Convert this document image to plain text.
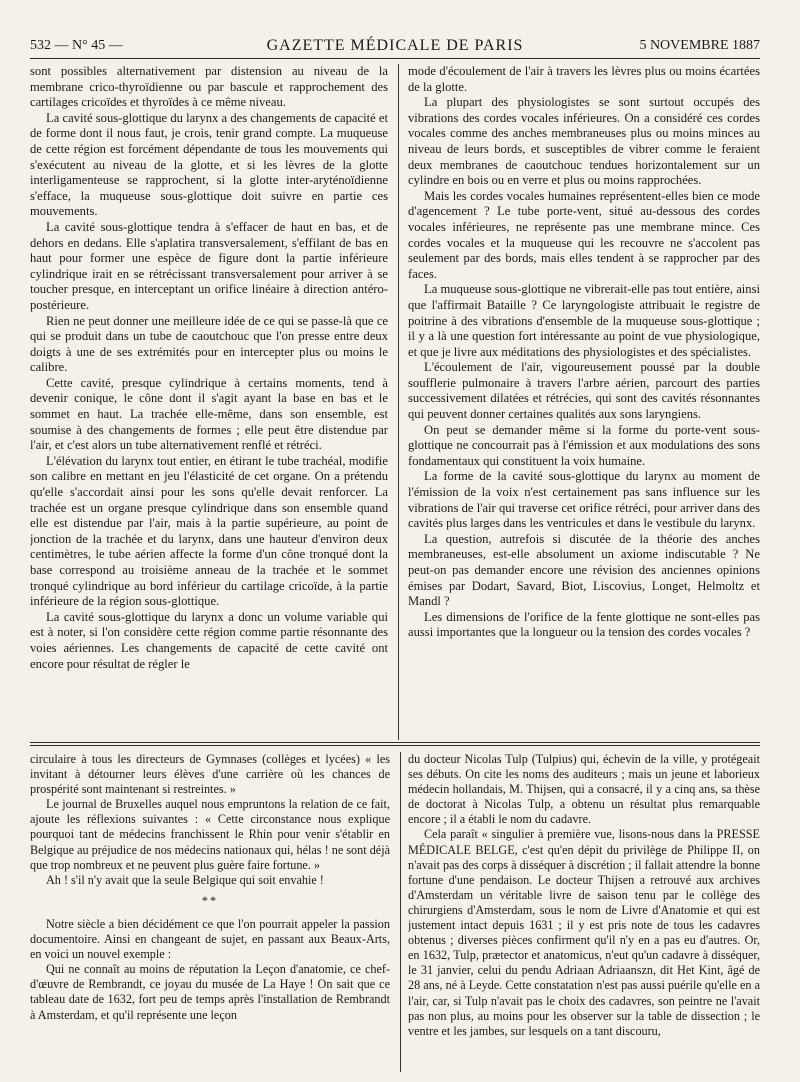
532 — N° 45 —	GAZETTE MÉDICALE DE PARIS	5 NOVEMBRE 1887

sont possibles alternativement par distension au niveau de la membrane crico-thyroïdienne ou par bascule et rapprochement des cartilages cricoïdes et thyroïdes à ce même niveau.

La cavité sous-glottique du larynx a des changements de capacité et de forme dont il nous faut, je crois, tenir grand compte. La muqueuse de cette région est forcément dépendante de tous les mouvements qui s'exécutent au niveau de la glotte, et si les lèvres de la glotte interligamenteuse se rapprochent, si la glotte inter-aryténoïdienne s'efface, la muqueuse sous-glottique doit suivre en partie ces mouvements.

La cavité sous-glottique tendra à s'effacer de haut en bas, et de dehors en dedans. Elle s'aplatira transversalement, s'effilant de bas en haut pour former une espèce de figure dont la partie inférieure cylindrique irait en se rétrécissant transversalement pour arriver à se toucher presque, en interceptant un orifice linéaire à direction antéro-postérieure.

Rien ne peut donner une meilleure idée de ce qui se passe-là que ce qui se produit dans un tube de caoutchouc que l'on presse entre deux doigts à une de ses extrémités pour en intercepter plus ou moins le calibre.

Cette cavité, presque cylindrique à certains moments, tend à devenir conique, le cône dont il s'agit ayant la base en bas et le sommet en haut. La trachée elle-même, dans son ensemble, est soumise à des changements de formes ; elle peut être distendue par l'air, et c'est alors un tube alternativement renflé et rétréci.

L'élévation du larynx tout entier, en étirant le tube trachéal, modifie son calibre en mettant en jeu l'élasticité de cet organe. On a prétendu qu'elle s'accordait ainsi pour les sons qu'elle devait renforcer. La trachée est un organe presque cylindrique dans son ensemble quand elle est distendue par l'air, mais à la partie supérieure, au point de jonction de la trachée et du larynx, dans une hauteur d'environ deux centimètres, le tube aérien affecte la forme d'un cône tronqué dont la base correspond au troisième anneau de la trachée et le sommet tronqué cylindrique au bord inférieur du cartilage cricoïde, à la partie inférieure de la région sous-glottique.

La cavité sous-glottique du larynx a donc un volume variable qui est à noter, si l'on considère cette région comme partie résonnante des voies aériennes. Les changements de capacité de cette cavité ont encore pour résultat de régler le

mode d'écoulement de l'air à travers les lèvres plus ou moins écartées de la glotte.

La plupart des physiologistes se sont surtout occupés des vibrations des cordes vocales inférieures. On a considéré ces cordes vocales comme des anches membraneuses plus ou moins minces au niveau de leurs bords, et susceptibles de vibrer comme le feraient deux membranes de caoutchouc tendues horizontalement sur un cylindre en bois ou en verre et plus ou moins rapprochées.

Mais les cordes vocales humaines représentent-elles bien ce mode d'agencement ? Le tube porte-vent, situé au-dessous des cordes vocales inférieures, ne représente pas une membrane mince. Ces cordes vocales et la muqueuse qui les recouvre ne s'accolent pas seulement par des bords, mais elles tendent à se rapprocher par des faces.

La muqueuse sous-glottique ne vibrerait-elle pas tout entière, ainsi que l'affirmait Bataille ? Ce laryngologiste attribuait le registre de poitrine à des vibrations d'ensemble de la muqueuse sous-glottique ; il y a là une question fort intéressante au point de vue physiologique, et que je livre aux méditations des physiologistes et des spécialistes.

L'écoulement de l'air, vigoureusement poussé par la double soufflerie pulmonaire à travers l'arbre aérien, parcourt des parties successivement dilatées et rétrécies, qui sont des cavités résonnantes qui peuvent donner certaines qualités aux sons laryngiens.

On peut se demander même si la forme du porte-vent sous-glottique ne concourrait pas à l'émission et aux modulations des sons fondamentaux qui constituent la voix humaine.

La forme de la cavité sous-glottique du larynx au moment de l'émission de la voix n'est certainement pas sans influence sur les vibrations de l'air qui traverse cet orifice rétréci, pour arriver dans des cavités plus larges dans les ventricules et dans le vestibule du larynx.

La question, autrefois si discutée de la théorie des anches membraneuses, est-elle absolument un axiome indiscutable ? Ne peut-on pas demander encore une révision des anciennes opinions émises par Dodart, Savard, Biot, Liscovius, Longet, Helmoltz et Mandl ?

Les dimensions de l'orifice de la fente glottique ne sont-elles pas aussi importantes que la longueur ou la tension des cordes vocales ?

circulaire à tous les directeurs de Gymnases (collèges et lycées) « les invitant à détourner leurs élèves d'une carrière où les chances de prospérité sont maintenant si restreintes. »

Le journal de Bruxelles auquel nous empruntons la relation de ce fait, ajoute les réflexions suivantes : « Cette circonstance nous explique pourquoi tant de médecins franchissent le Rhin pour venir s'établir en Belgique au préjudice de nos médecins nationaux qui, hélas ! ne sont déjà que trop nombreux et ne peuvent plus guère faire fortune. »

Ah ! s'il n'y avait que la seule Belgique qui soit envahie !

**

Notre siècle a bien décidément ce que l'on pourrait appeler la passion documentoire. Ainsi en changeant de sujet, en passant aux Beaux-Arts, en voici un nouvel exemple :

Qui ne connaît au moins de réputation la Leçon d'anatomie, ce chef-d'œuvre de Rembrandt, ce joyau du musée de La Haye ! On sait que ce tableau date de 1632, fort peu de temps après l'installation de Rembrandt à Amsterdam, et qu'il représente une leçon

du docteur Nicolas Tulp (Tulpius) qui, échevin de la ville, y protégeait ses débuts. On cite les noms des auditeurs ; mais un jeune et laborieux médecin hollandais, M. Thijsen, qui a consacré, il y a cinq ans, sa thèse de doctorat à Nicolas Tulp, a obtenu un résultat plus remarquable encore ; il a établi le nom du cadavre.

Cela paraît « singulier à première vue, lisons-nous dans la PRESSE MÉDICALE BELGE, c'est qu'en dépit du privilège de Philippe II, on n'avait pas des corps à disséquer à discrétion ; il fallait attendre la bonne fortune d'une pendaison. Le docteur Thijsen a retrouvé aux archives d'Amsterdam un véritable livre de saison tenu par le collège des chirurgiens d'Amsterdam, sous le nom de Livre d'Anatomie et qui est justement intact depuis 1631 ; il y est pris note de tous les cadavres obtenus ; diverses pièces confirment qu'il n'y en a pas eu d'autres. Or, en 1632, Tulp, prætector et anatomicus, n'eut qu'un cadavre à disséquer, le 31 janvier, celui du pendu Adriaan Adriaanszn, dit Het Kint, âgé de 28 ans, né à Leyde. Cette constatation n'est pas aussi puérile qu'elle en a l'air, car, si Tulp n'avait pas le choix des cadavres, son peintre ne l'avait pas non plus, au moins pour les observer sur la table de dissection ; le ventre et les jambes, sur lesquels on a tant discouru,
